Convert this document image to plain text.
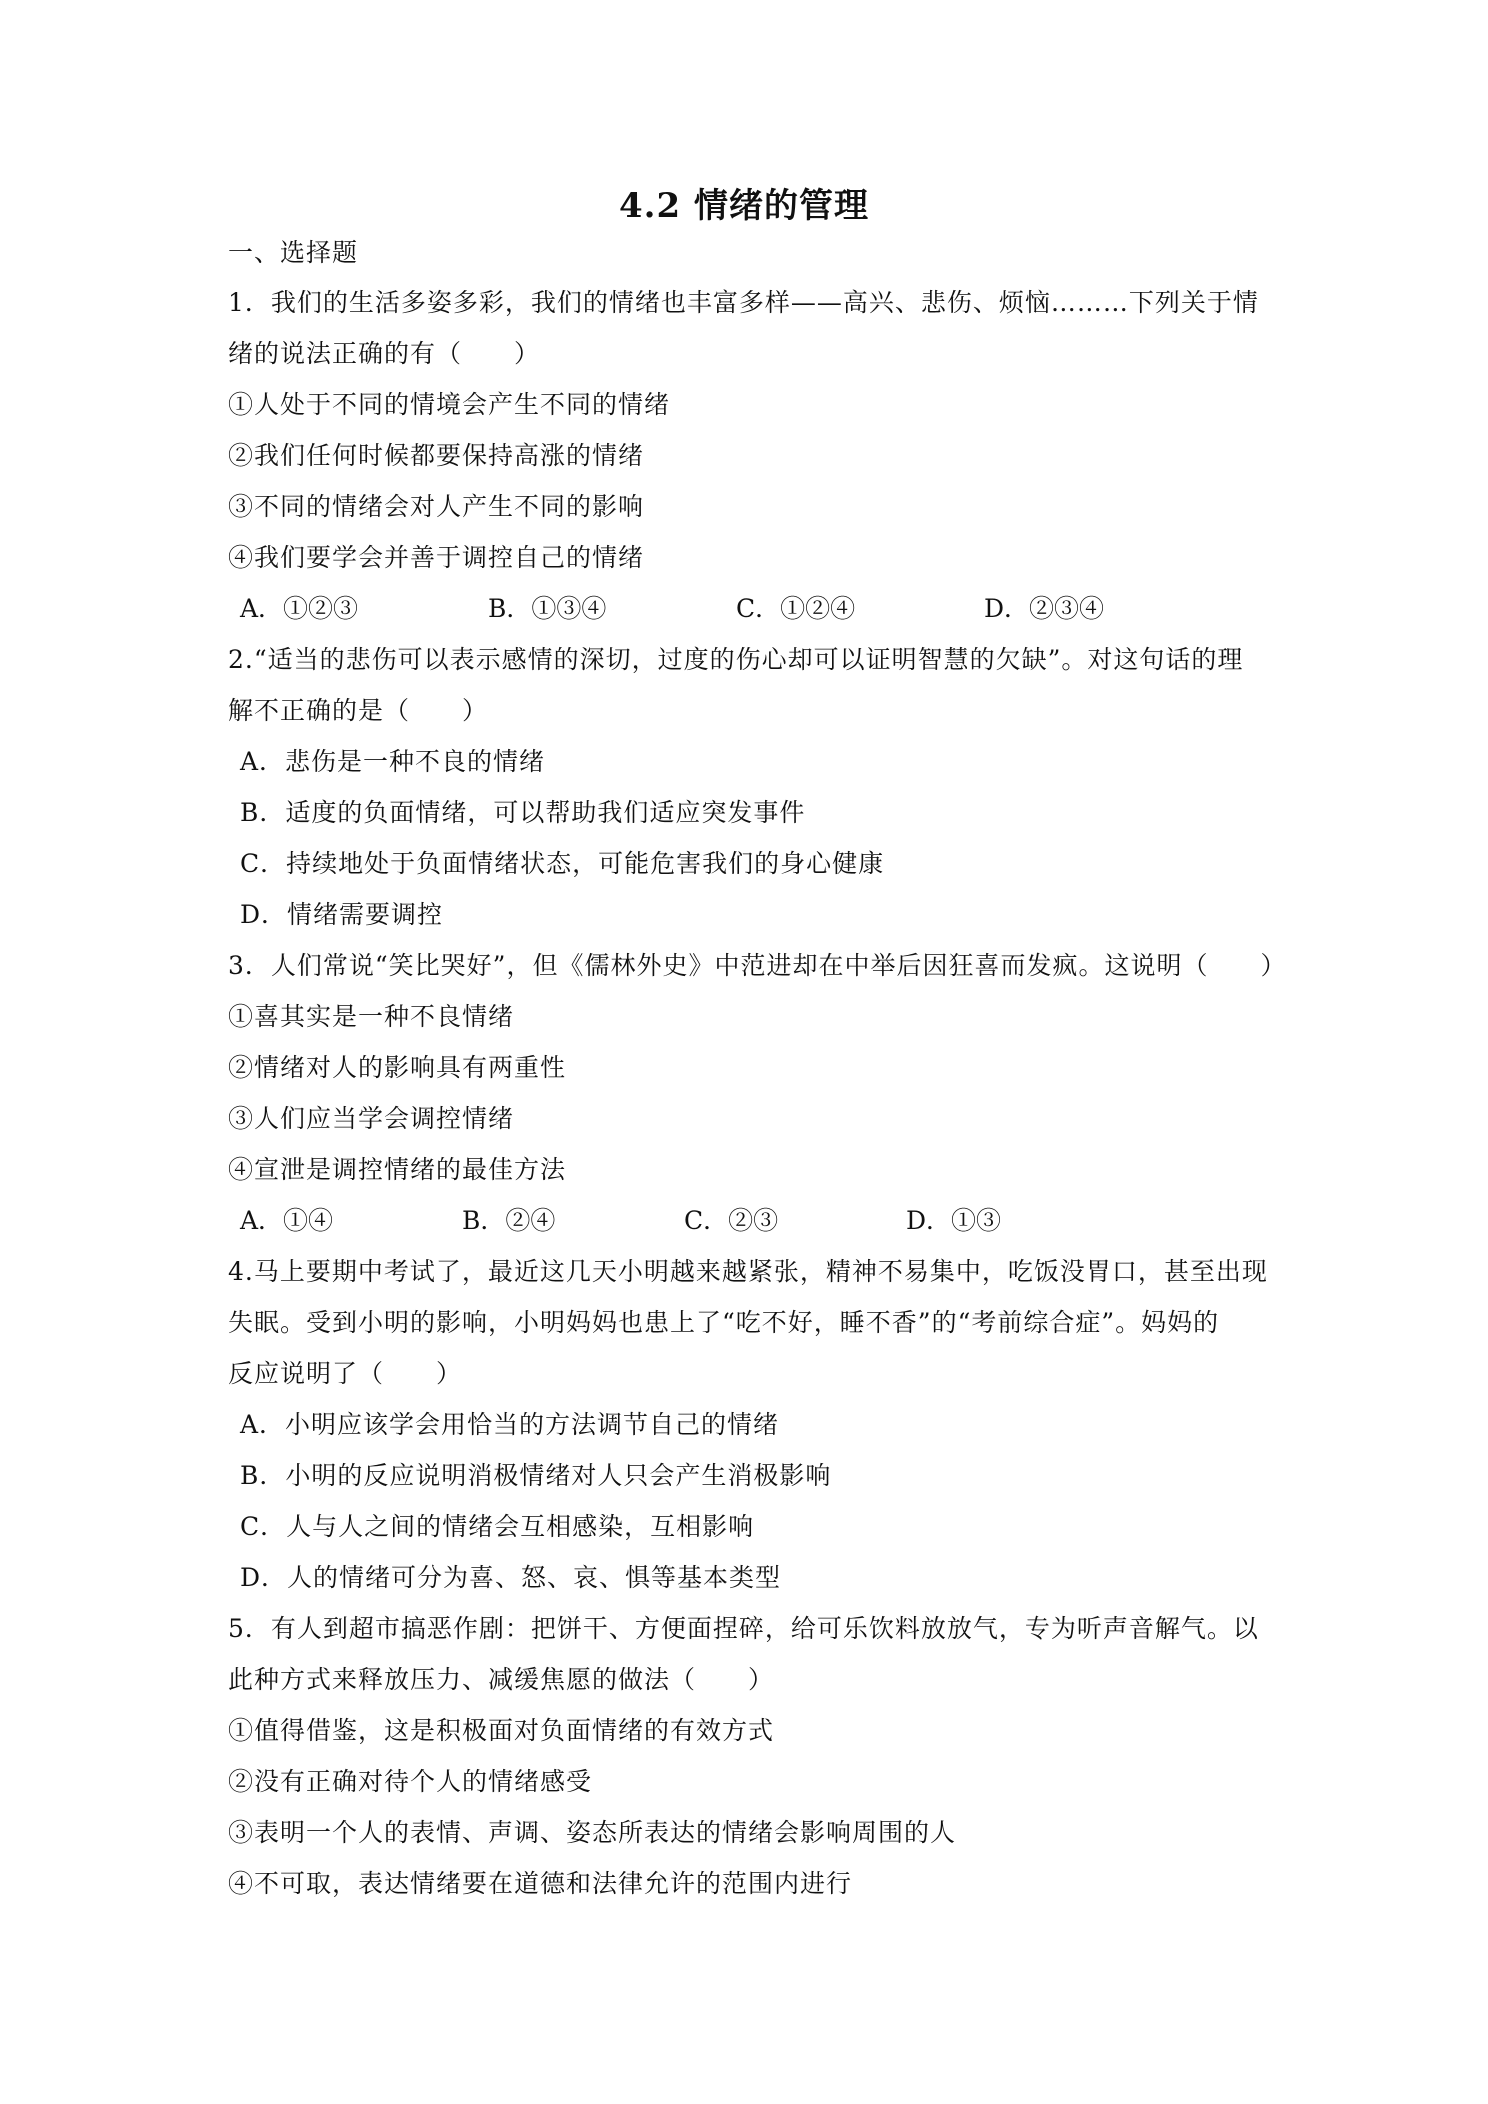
4.2 情绪的管理
一、选择题
1．我们的生活多姿多彩，我们的情绪也丰富多样——高兴、悲伤、烦恼………下列关于情
绪的说法正确的有（　　）
①人处于不同的情境会产生不同的情绪
②我们任何时候都要保持高涨的情绪
③不同的情绪会对人产生不同的影响
④我们要学会并善于调控自己的情绪
A．①②③	B．①③④	C．①②④	D．②③④
2.“适当的悲伤可以表示感情的深切，过度的伤心却可以证明智慧的欠缺”。对这句话的理
解不正确的是（　　）
A．悲伤是一种不良的情绪
B．适度的负面情绪，可以帮助我们适应突发事件
C．持续地处于负面情绪状态，可能危害我们的身心健康
D．情绪需要调控
3．人们常说“笑比哭好”，但《儒林外史》中范进却在中举后因狂喜而发疯。这说明（　　）
①喜其实是一种不良情绪
②情绪对人的影响具有两重性
③人们应当学会调控情绪
④宣泄是调控情绪的最佳方法
A．①④	B．②④	C．②③	D．①③
4.马上要期中考试了，最近这几天小明越来越紧张，精神不易集中，吃饭没胃口，甚至出现
失眠。受到小明的影响，小明妈妈也患上了“吃不好，睡不香”的“考前综合症”。妈妈的
反应说明了（　　）
A．小明应该学会用恰当的方法调节自己的情绪
B．小明的反应说明消极情绪对人只会产生消极影响
C．人与人之间的情绪会互相感染，互相影响
D．人的情绪可分为喜、怒、哀、惧等基本类型
5．有人到超市搞恶作剧：把饼干、方便面捏碎，给可乐饮料放放气，专为听声音解气。以
此种方式来释放压力、减缓焦愿的做法（　　）
①值得借鉴，这是积极面对负面情绪的有效方式
②没有正确对待个人的情绪感受
③表明一个人的表情、声调、姿态所表达的情绪会影响周围的人
④不可取，表达情绪要在道德和法律允许的范围内进行
